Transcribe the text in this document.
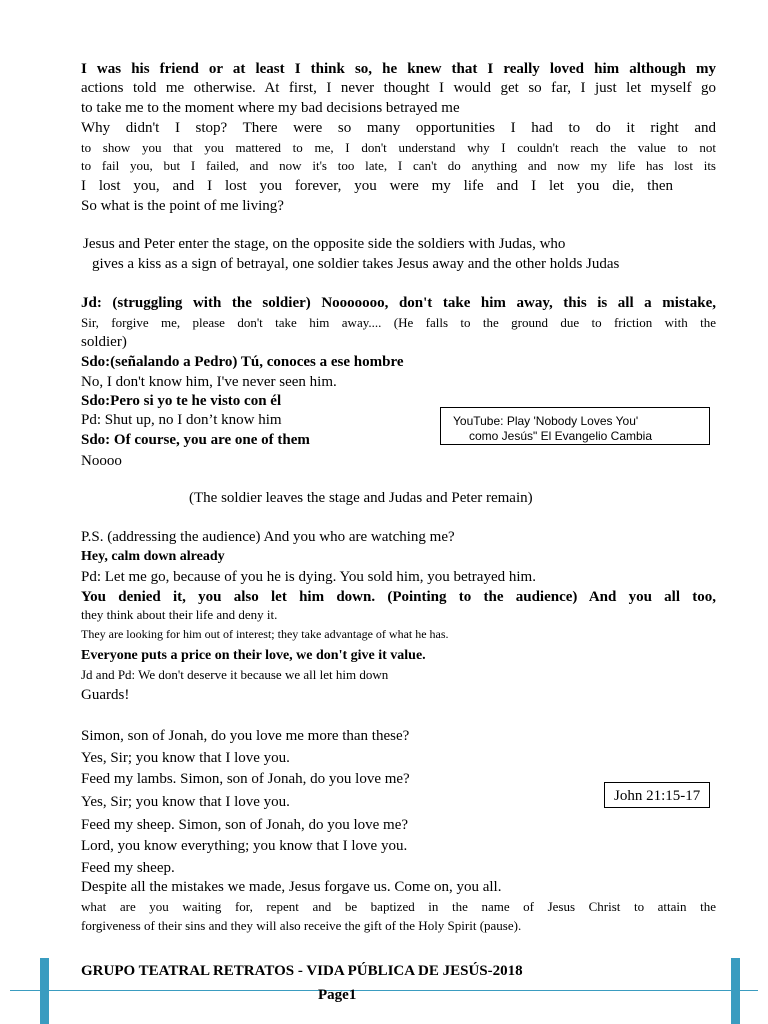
I was his friend or at least I think so, he knew that I really loved him although my
actions told me otherwise. At first, I never thought I would get so far, I just let myself go
to take me to the moment where my bad decisions betrayed me
Why didn't I stop? There were so many opportunities I had to do it right and
to show you that you mattered to me, I don't understand why I couldn't reach the value to not
to fail you, but I failed, and now it's too late, I can't do anything and now my life has lost its
I lost you, and I lost you forever, you were my life and I let you die, then
So what is the point of me living?
Jesus and Peter enter the stage, on the opposite side the soldiers with Judas, who
gives a kiss as a sign of betrayal, one soldier takes Jesus away and the other holds Judas
Jd: (struggling with the soldier) Nooooooo, don't take him away, this is all a mistake,
Sir, forgive me, please don't take him away.... (He falls to the ground due to friction with the
soldier)
Sdo:(señalando a Pedro) Tú, conoces a ese hombre
No, I don't know him, I've never seen him.
Sdo:Pero si yo te he visto con él
Pd: Shut up, no I don’t know him
Sdo: Of course, you are one of them
Noooo
YouTube: Play 'Nobody Loves You'
como Jesús" El Evangelio Cambia
(The soldier leaves the stage and Judas and Peter remain)
P.S. (addressing the audience) And you who are watching me?
Hey, calm down already
Pd: Let me go, because of you he is dying. You sold him, you betrayed him.
You denied it, you also let him down. (Pointing to the audience) And you all too,
they think about their life and deny it.
They are looking for him out of interest; they take advantage of what he has.
Everyone puts a price on their love, we don't give it value.
Jd and Pd: We don't deserve it because we all let him down
Guards!
Simon, son of Jonah, do you love me more than these?
Yes, Sir; you know that I love you.
Feed my lambs. Simon, son of Jonah, do you love me?
Yes, Sir; you know that I love you.
Feed my sheep. Simon, son of Jonah, do you love me?
Lord, you know everything; you know that I love you.
Feed my sheep.
John 21:15-17
Despite all the mistakes we made, Jesus forgave us. Come on, you all.
what are you waiting for, repent and be baptized in the name of Jesus Christ to attain the
forgiveness of their sins and they will also receive the gift of the Holy Spirit (pause).
GRUPO TEATRAL RETRATOS - VIDA PÚBLICA DE JESÚS-2018
Page1
